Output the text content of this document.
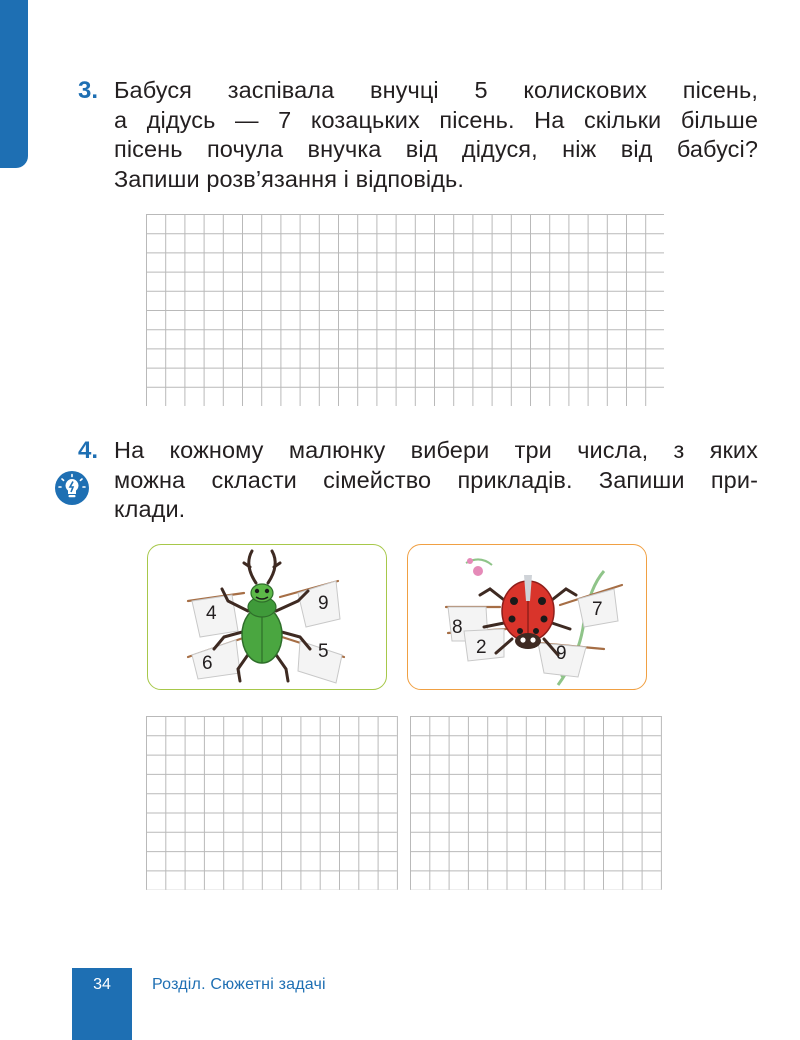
3. Бабуся заспівала внучці 5 колискових пісень,
а дідусь — 7 козацьких пісень. На скільки більше
пісень почула внучка від дідуся, ніж від бабусі?
Запиши розв’язання і відповідь.
4. На кожному малюнку вибери три числа, з яких
можна скласти сімейство прикладів. Запиши при-
клади.
4	9
6
5
8
7
2	9
34	Розділ. Сюжетні задачі
